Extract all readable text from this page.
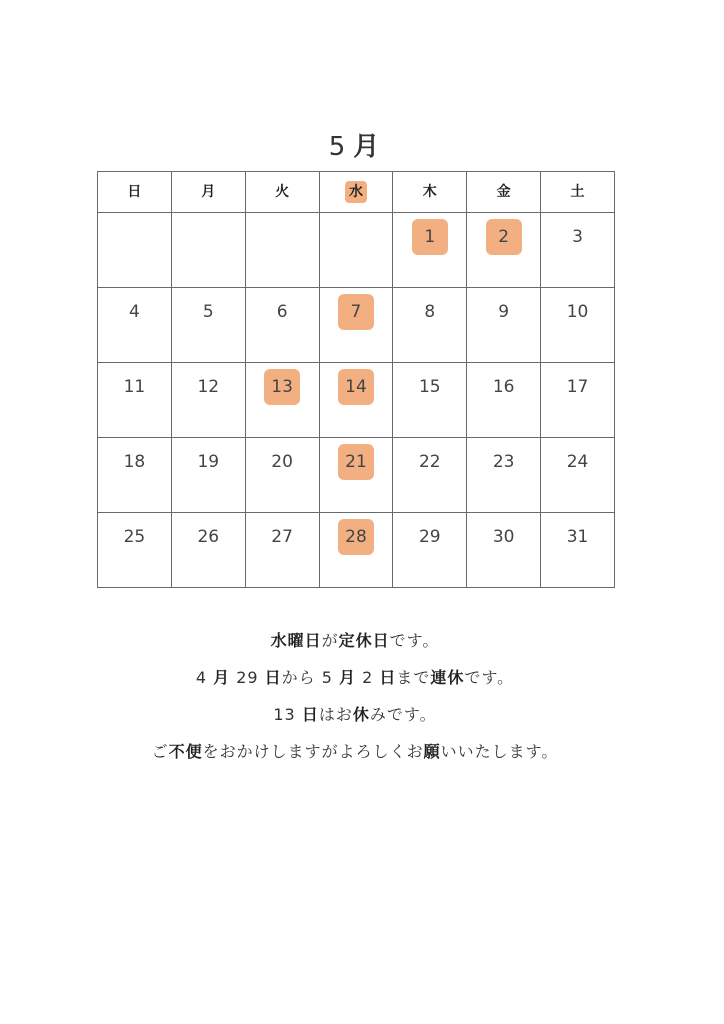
5 月
日	月	火	水	木	金	土
				1	2	3
4	5	6	7	8	9	10
11	12	13	14	15	16	17
18	19	20	21	22	23	24
25	26	27	28	29	30	31
水曜日が定休日です。
4 月 29 日から 5 月 2 日まで連休です。
13 日はお休みです。
ご不便をおかけしますがよろしくお願いいたします。
